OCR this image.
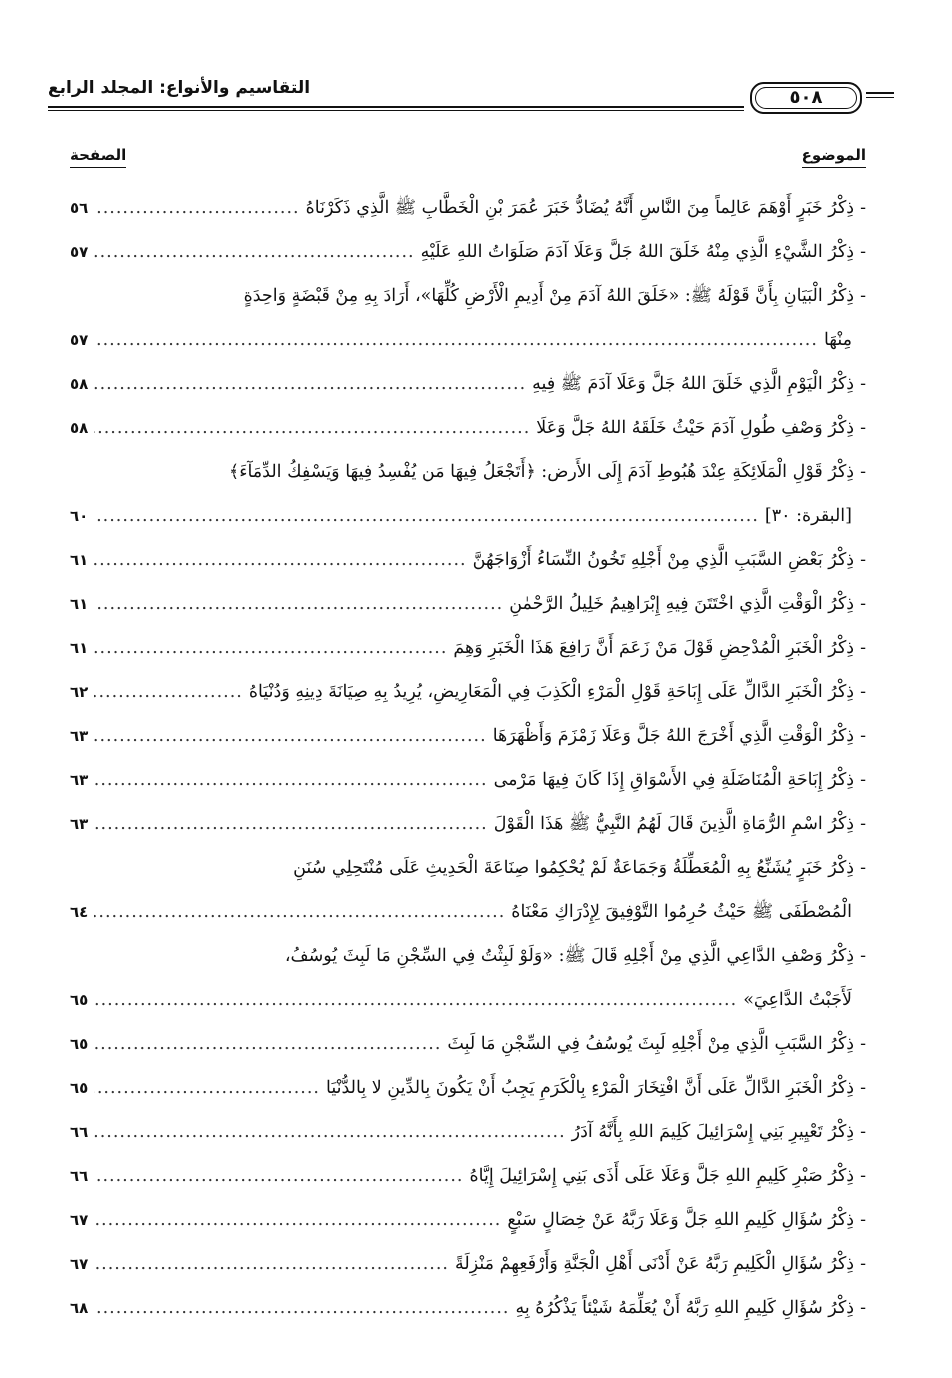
التقاسيم والأنواع: المجلد الرابع	٥٠٨
الموضوع
الصفحة
-
ذِكْرُ خَبَرٍ أَوْهَمَ عَالِماً مِنَ النَّاسِ أَنَّهُ يُضَادُّ خَبَرَ عُمَرَ بْنِ الْخَطَّابِ ﷺ الَّذِي ذَكَرْنَاهُ
.....
٥٦
-
ذِكْرُ الشَّيْءِ الَّذِي مِنْهُ خَلَقَ اللهُ جَلَّ وَعَلَا آدَمَ صَلَوَاتُ اللهِ عَلَيْهِ
.....
٥٧
-
ذِكْرُ الْبَيَانِ بِأَنَّ قَوْلَهُ ﷺ: «خَلَقَ اللهُ آدَمَ مِنْ أَدِيمِ الْأَرْضِ كُلِّهَا»، أَرَادَ بِهِ مِنْ قَبْضَةٍ وَاحِدَةٍ
مِنْهَا
.....
٥٧
-
ذِكْرُ الْيَوْمِ الَّذِي خَلَقَ اللهُ جَلَّ وَعَلَا آدَمَ ﷺ فِيهِ
.....
٥٨
-
ذِكْرُ وَصْفِ طُولِ آدَمَ حَيْثُ خَلَقَهُ اللهُ جَلَّ وَعَلَا
.....
٥٨
-
ذِكْرُ قَوْلِ الْمَلَائِكَةِ عِنْدَ هُبُوطِ آدَمَ إِلَى الأَرض: ﴿أَتَجْعَلُ فِيهَا مَن يُفْسِدُ فِيهَا وَيَسْفِكُ الدِّمَآءَ﴾
[البقرة: ٣٠]
.....
٦٠
-
ذِكْرُ بَعْضِ السَّبَبِ الَّذِي مِنْ أَجْلِهِ تَخُونُ النِّسَاءُ أَزْوَاجَهُنَّ
.....
٦١
-
ذِكْرُ الْوَقْتِ الَّذِي اخْتَتَنَ فِيهِ إِبْرَاهِيمُ خَلِيلُ الرَّحْمٰنِ
.....
٦١
-
ذِكْرُ الْخَبَرِ الْمُدْحِضِ قَوْلَ مَنْ زَعَمَ أَنَّ رَافِعَ هَذَا الْخَبَرِ وَهِمَ
.....
٦١
-
ذِكْرُ الْخَبَرِ الدَّالِّ عَلَى إِبَاحَةِ قَوْلِ الْمَرْءِ الْكَذِبَ فِي الْمَعَارِيضِ، يُرِيدُ بِهِ صِيَانَةَ دِينِهِ وَدُنْيَاهُ
.....
٦٢
-
ذِكْرُ الْوَقْتِ الَّذِي أَخْرَجَ اللهُ جَلَّ وَعَلَا زَمْزَمَ وَأَظْهَرَهَا
.....
٦٣
-
ذِكْرُ إِبَاحَةِ الْمُنَاضَلَةِ فِي الأَسْوَاقِ إِذَا كَانَ فِيهَا مَرْمى
.....
٦٣
-
ذِكْرُ اسْمِ الرُّمَاةِ الَّذِينَ قَالَ لَهُمُ النَّبِيُّ ﷺ هَذَا الْقَوْلَ
.....
٦٣
-
ذِكْرُ خَبَرٍ يُشَنِّعُ بِهِ الْمُعَطِّلَةُ وَجَمَاعَةٌ لَمْ يُحْكِمُوا صِنَاعَةَ الْحَدِيثِ عَلَى مُنْتَحِلِي سُنَنِ
الْمُصْطَفَى ﷺ حَيْثُ حُرِمُوا التَّوْفِيقَ لِإِدْرَاكِ مَعْنَاهُ
.....
٦٤
-
ذِكْرُ وَصْفِ الدَّاعِي الَّذِي مِنْ أَجْلِهِ قَالَ ﷺ: «وَلَوْ لَبِثْتُ فِي السِّجْنِ مَا لَبِثَ يُوسُفُ،
لَأَجَبْتُ الدَّاعِيَ»
.....
٦٥
-
ذِكْرُ السَّبَبِ الَّذِي مِنْ أَجْلِهِ لَبِثَ يُوسُفُ فِي السِّجْنِ مَا لَبِثَ
.....
٦٥
-
ذِكْرُ الْخَبَرِ الدَّالِّ عَلَى أَنَّ افْتِخَارَ الْمَرْءِ بِالْكَرَمِ يَجِبُ أَنْ يَكُونَ بِالدِّينِ لا بِالدُّنْيَا
.....
٦٥
-
ذِكْرُ تَعْيِيرِ بَنِي إِسْرَائِيلَ كَلِيمَ اللهِ بِأَنَّهُ آدَرُ
.....
٦٦
-
ذِكْرُ صَبْرِ كَلِيمِ اللهِ جَلَّ وَعَلَا عَلَى أَذَى بَنِي إِسْرَائِيلَ إِيَّاهُ
.....
٦٦
-
ذِكْرُ سُؤَالِ كَلِيمِ اللهِ جَلَّ وَعَلَا رَبَّهُ عَنْ خِصَالٍ سَبْعٍ
.....
٦٧
-
ذِكْرُ سُؤَالِ الْكَلِيمِ رَبَّهُ عَنْ أَدْنَى أَهْلِ الْجَنَّةِ وَأَرْفَعِهِمْ مَنْزِلَةً
.....
٦٧
-
ذِكْرُ سُؤَالِ كَلِيمِ اللهِ رَبَّهُ أَنْ يُعَلِّمَهُ شَيْئاً يَذْكُرُهُ بِهِ
.....
٦٨
